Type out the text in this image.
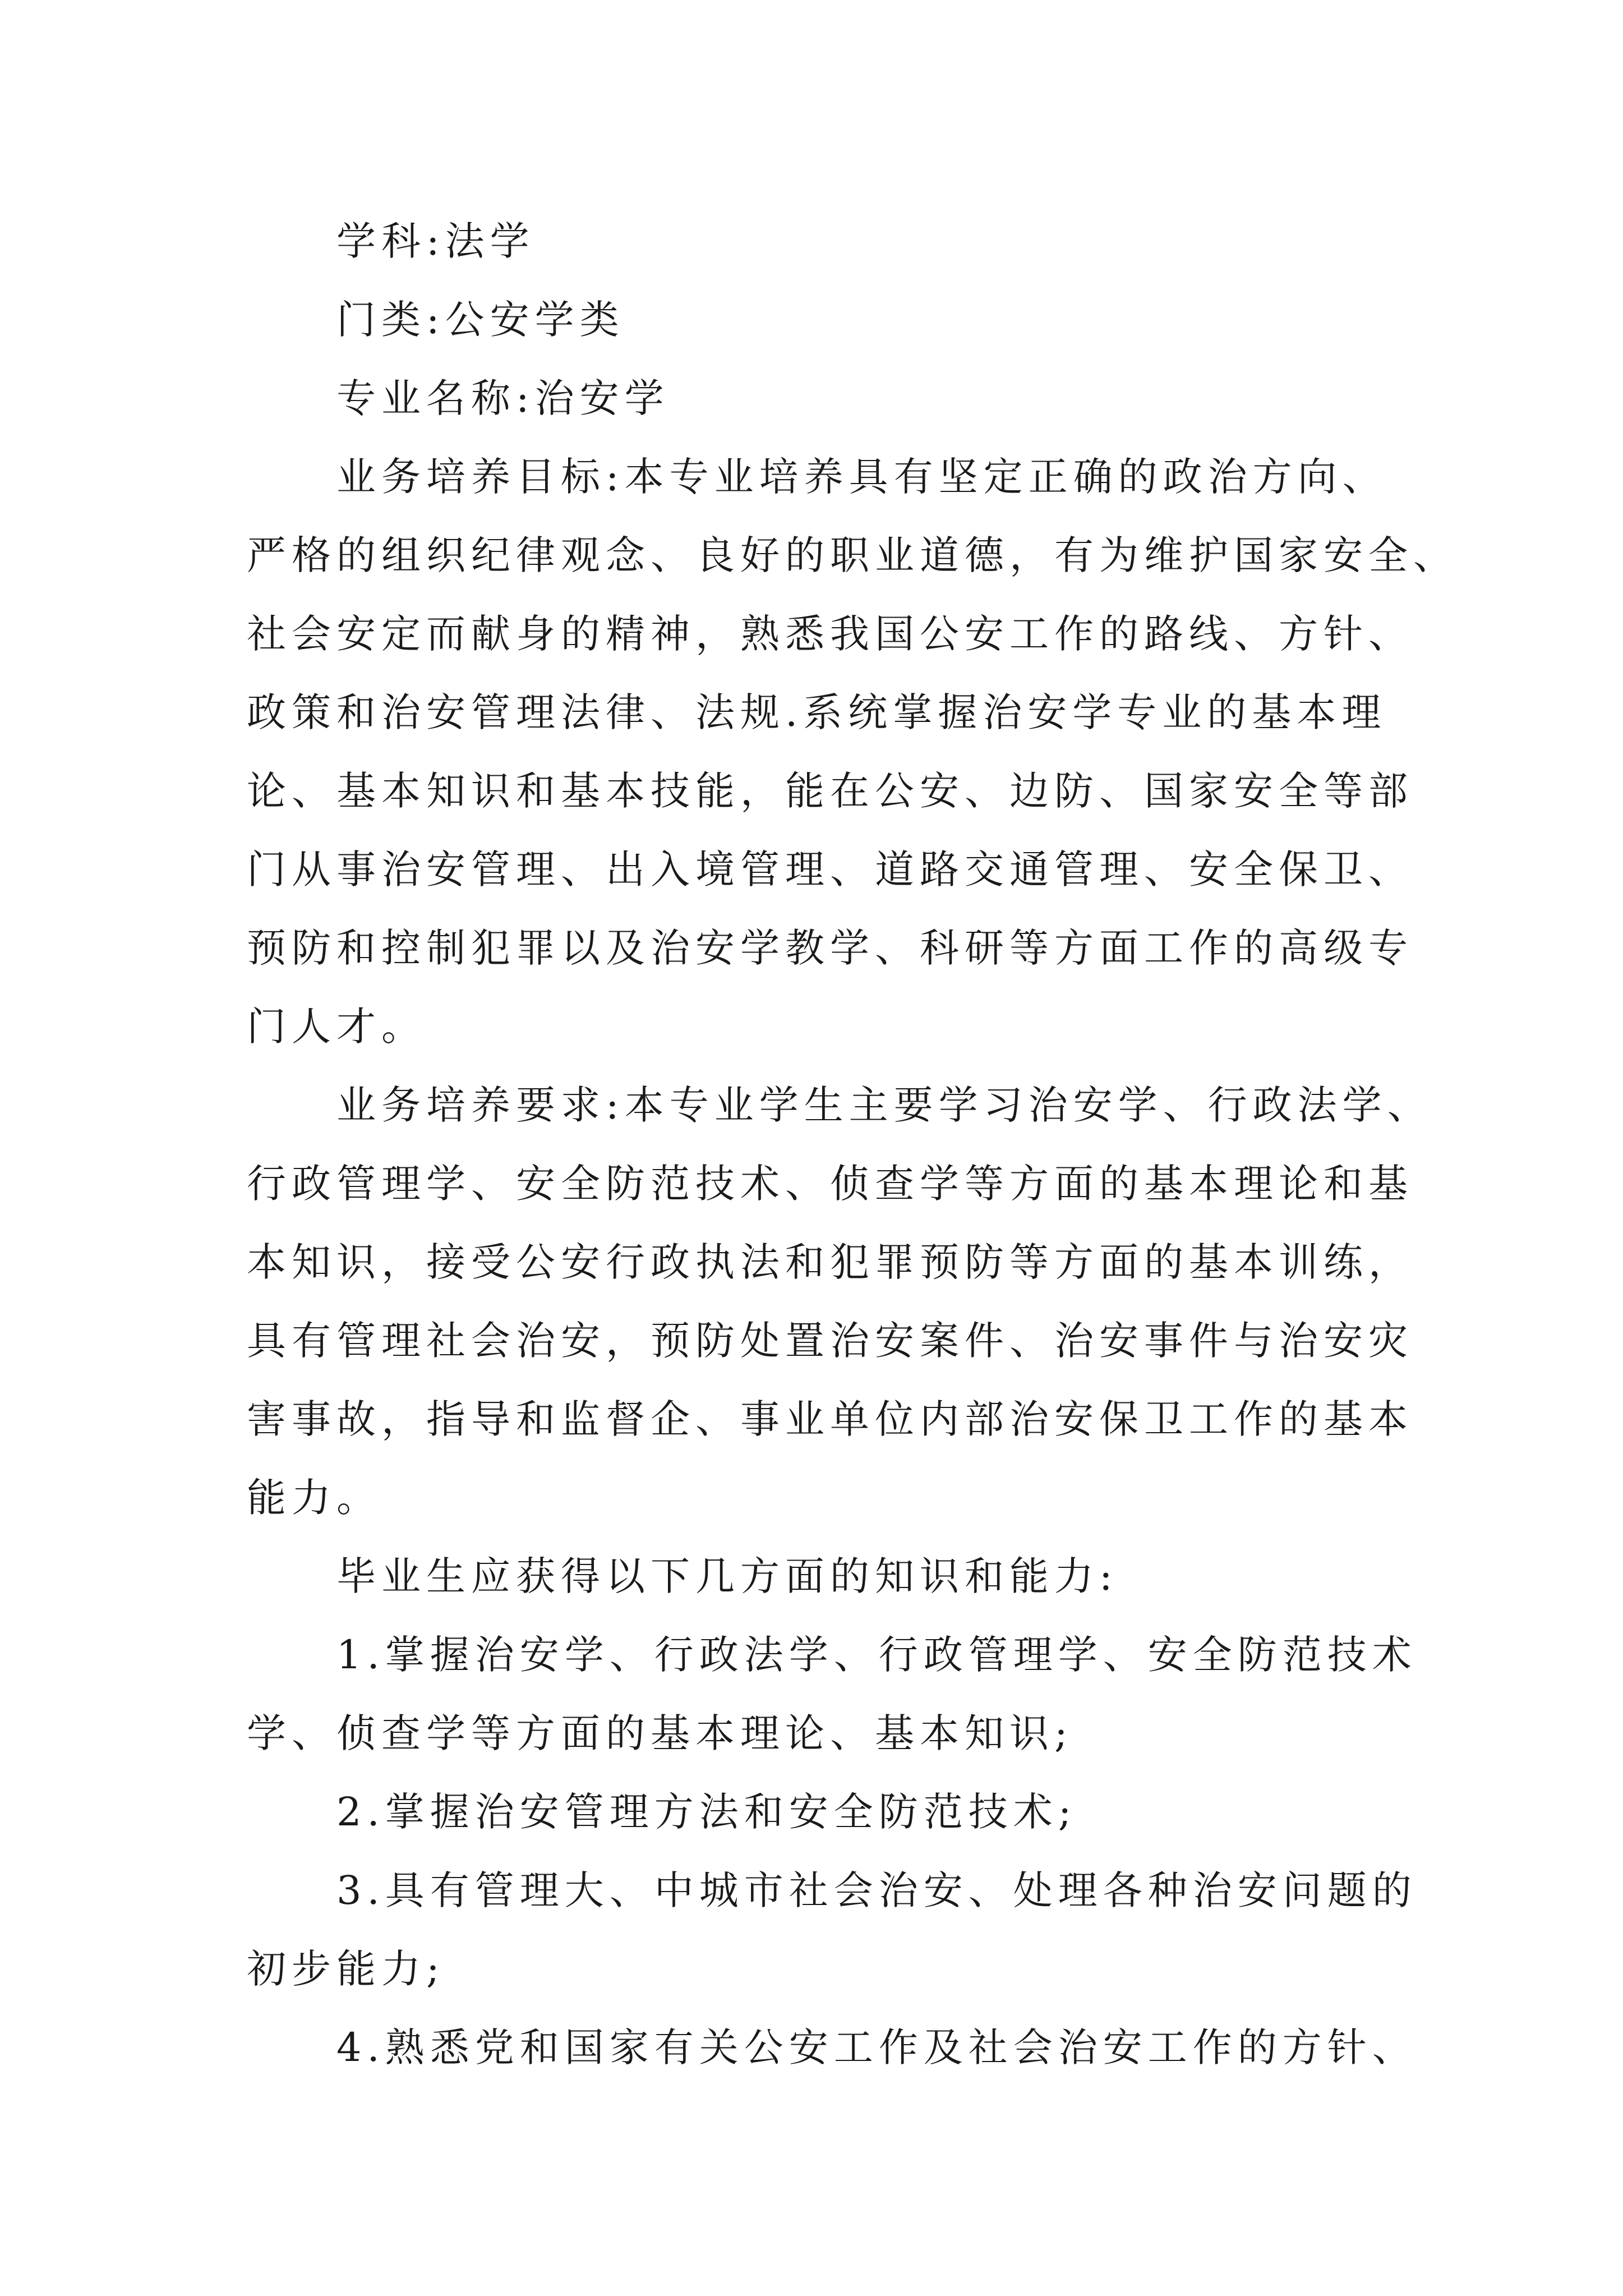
学科:法学
门类:公安学类
专业名称:治安学
业务培养目标:本专业培养具有坚定正确的政治方向、
严格的组织纪律观念、良好的职业道德，有为维护国家安全、
社会安定而献身的精神，熟悉我国公安工作的路线、方针、
政策和治安管理法律、法规.系统掌握治安学专业的基本理
论、基本知识和基本技能，能在公安、边防、国家安全等部
门从事治安管理、出入境管理、道路交通管理、安全保卫、
预防和控制犯罪以及治安学教学、科研等方面工作的高级专
门人才。
业务培养要求:本专业学生主要学习治安学、行政法学、
行政管理学、安全防范技术、侦查学等方面的基本理论和基
本知识，接受公安行政执法和犯罪预防等方面的基本训练，
具有管理社会治安，预防处置治安案件、治安事件与治安灾
害事故，指导和监督企、事业单位内部治安保卫工作的基本
能力。
毕业生应获得以下几方面的知识和能力:
1.掌握治安学、行政法学、行政管理学、安全防范技术
学、侦查学等方面的基本理论、基本知识;
2.掌握治安管理方法和安全防范技术;
3.具有管理大、中城市社会治安、处理各种治安问题的
初步能力;
4.熟悉党和国家有关公安工作及社会治安工作的方针、
